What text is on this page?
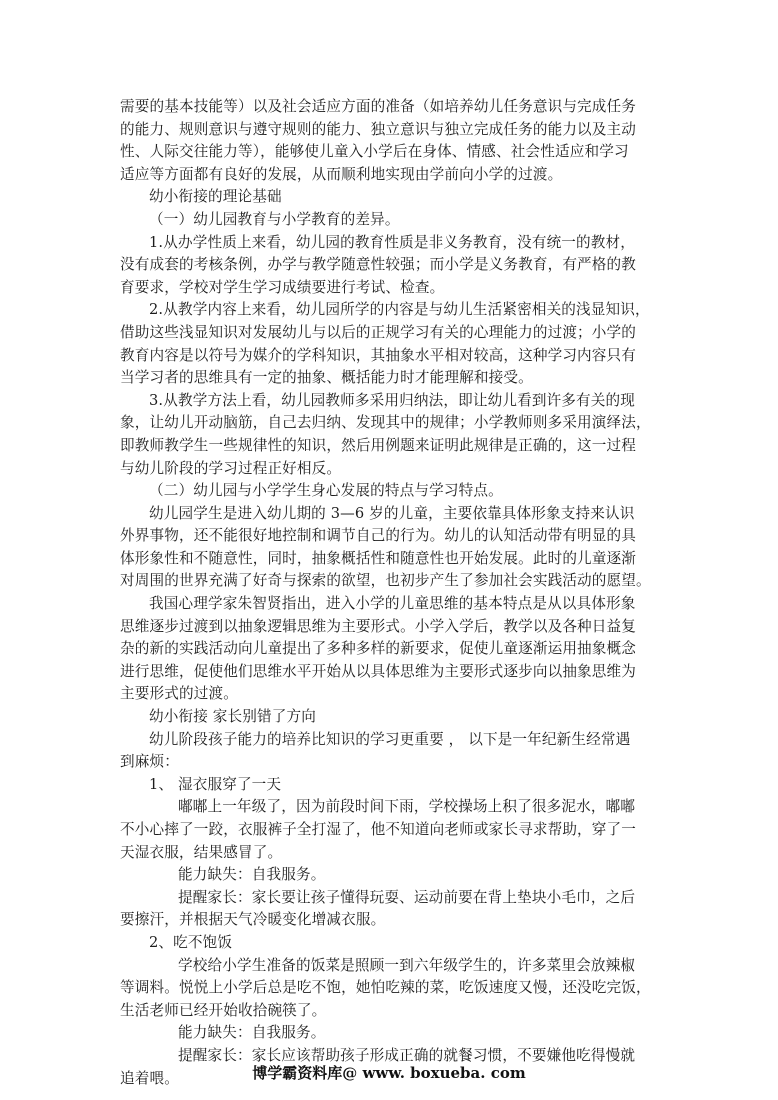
需要的基本技能等）以及社会适应方面的准备（如培养幼儿任务意识与完成任务
的能力、规则意识与遵守规则的能力、独立意识与独立完成任务的能力以及主动
性、人际交往能力等），能够使儿童入小学后在身体、情感、社会性适应和学习
适应等方面都有良好的发展，从而顺利地实现由学前向小学的过渡。
幼小衔接的理论基础
（一）幼儿园教育与小学教育的差异。
1.从办学性质上来看，幼儿园的教育性质是非义务教育，没有统一的教材，
没有成套的考核条例，办学与教学随意性较强；而小学是义务教育，有严格的教
育要求，学校对学生学习成绩要进行考试、检查。
2.从教学内容上来看，幼儿园所学的内容是与幼儿生活紧密相关的浅显知识，
借助这些浅显知识对发展幼儿与以后的正规学习有关的心理能力的过渡；小学的
教育内容是以符号为媒介的学科知识，其抽象水平相对较高，这种学习内容只有
当学习者的思维具有一定的抽象、概括能力时才能理解和接受。
3.从教学方法上看，幼儿园教师多采用归纳法，即让幼儿看到许多有关的现
象，让幼儿开动脑筋，自己去归纳、发现其中的规律；小学教师则多采用演绎法，
即教师教学生一些规律性的知识，然后用例题来证明此规律是正确的，这一过程
与幼儿阶段的学习过程正好相反。
（二）幼儿园与小学学生身心发展的特点与学习特点。
幼儿园学生是进入幼儿期的 3—6 岁的儿童，主要依靠具体形象支持来认识
外界事物，还不能很好地控制和调节自己的行为。幼儿的认知活动带有明显的具
体形象性和不随意性，同时，抽象概括性和随意性也开始发展。此时的儿童逐渐
对周围的世界充满了好奇与探索的欲望，也初步产生了参加社会实践活动的愿望。
我国心理学家朱智贤指出，进入小学的儿童思维的基本特点是从以具体形象
思维逐步过渡到以抽象逻辑思维为主要形式。小学入学后，教学以及各种日益复
杂的新的实践活动向儿童提出了多种多样的新要求，促使儿童逐渐运用抽象概念
进行思维，促使他们思维水平开始从以具体思维为主要形式逐步向以抽象思维为
主要形式的过渡。
幼小衔接 家长别错了方向
幼儿阶段孩子能力的培养比知识的学习更重要 ， 以下是一年纪新生经常遇
到麻烦：
1、 湿衣服穿了一天
嘟嘟上一年级了，因为前段时间下雨，学校操场上积了很多泥水，嘟嘟
不小心摔了一跤，衣服裤子全打湿了，他不知道向老师或家长寻求帮助，穿了一
天湿衣服，结果感冒了。
能力缺失：自我服务。
提醒家长：家长要让孩子懂得玩耍、运动前要在背上垫块小毛巾，之后
要擦汗，并根据天气冷暖变化增减衣服。
2、吃不饱饭
学校给小学生准备的饭菜是照顾一到六年级学生的，许多菜里会放辣椒
等调料。悦悦上小学后总是吃不饱，她怕吃辣的菜，吃饭速度又慢，还没吃完饭，
生活老师已经开始收拾碗筷了。
能力缺失：自我服务。
提醒家长：家长应该帮助孩子形成正确的就餐习惯，不要嫌他吃得慢就
追着喂。	博学霸资料库@ www. boxueba. com
